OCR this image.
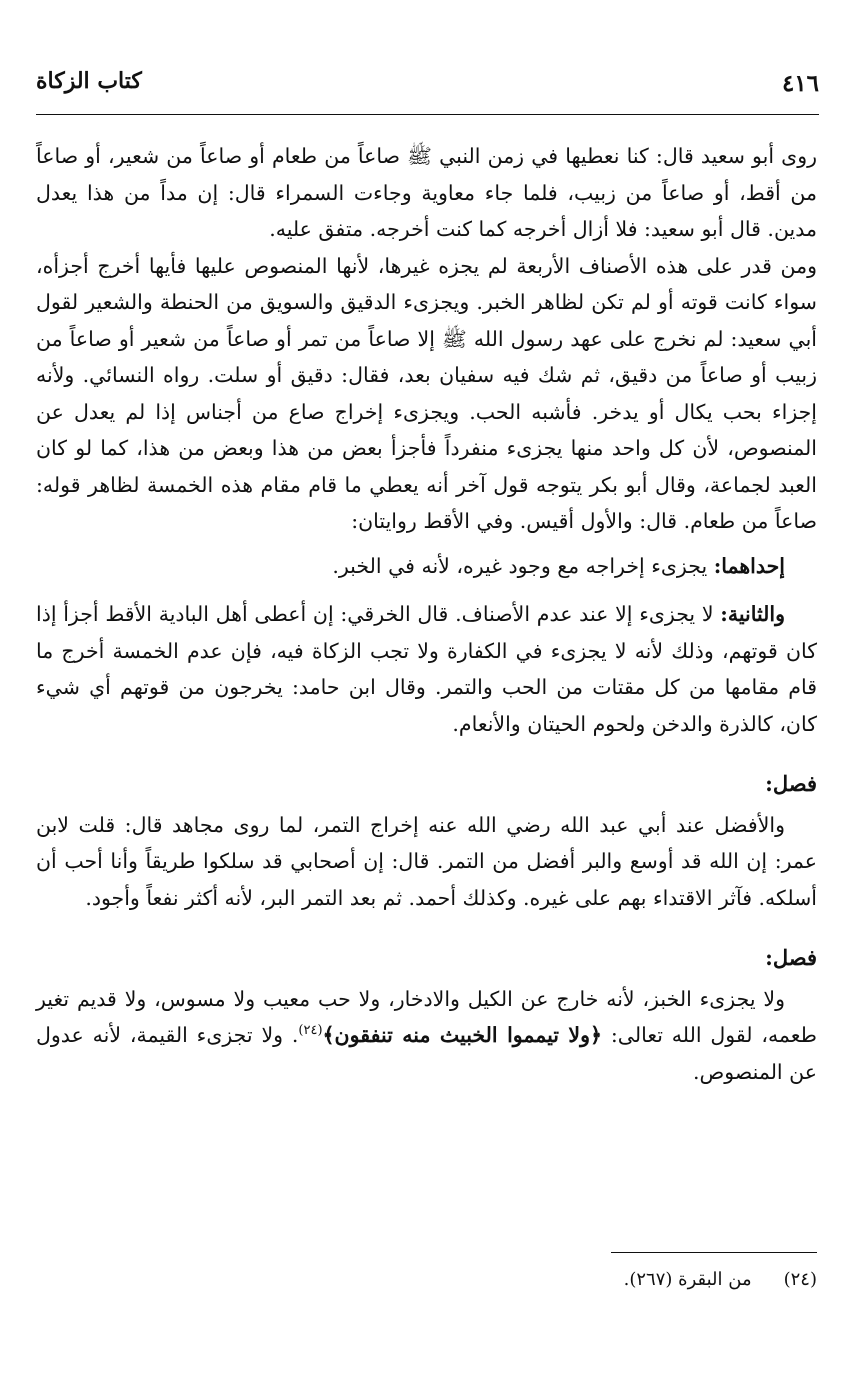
٤١٦
كتاب الزكاة

روى أبو سعيد قال: كنا نعطيها في زمن النبي ﷺ صاعاً من طعام أو صاعاً من شعير، أو صاعاً من أقط، أو صاعاً من زبيب، فلما جاء معاوية وجاءت السمراء قال: إن مداً من هذا يعدل مدين. قال أبو سعيد: فلا أزال أخرجه كما كنت أخرجه. متفق عليه.

ومن قدر على هذه الأصناف الأربعة لم يجزه غيرها، لأنها المنصوص عليها فأيها أخرج أجزأه، سواء كانت قوته أو لم تكن لظاهر الخبر. ويجزىء الدقيق والسويق من الحنطة والشعير لقول أبي سعيد: لم نخرج على عهد رسول الله ﷺ إلا صاعاً من تمر أو صاعاً من شعير أو صاعاً من زبيب أو صاعاً من دقيق، ثم شك فيه سفيان بعد، فقال: دقيق أو سلت. رواه النسائي. ولأنه إجزاء بحب يكال أو يدخر. فأشبه الحب. ويجزىء إخراج صاع من أجناس إذا لم يعدل عن المنصوص، لأن كل واحد منها يجزىء منفرداً فأجزأ بعض من هذا وبعض من هذا، كما لو كان العبد لجماعة، وقال أبو بكر يتوجه قول آخر أنه يعطي ما قام مقام هذه الخمسة لظاهر قوله: صاعاً من طعام. قال: والأول أقيس. وفي الأقط روايتان:

إحداهما: يجزىء إخراجه مع وجود غيره، لأنه في الخبر.

والثانية: لا يجزىء إلا عند عدم الأصناف. قال الخرقي: إن أعطى أهل البادية الأقط أجزأ إذا كان قوتهم، وذلك لأنه لا يجزىء في الكفارة ولا تجب الزكاة فيه، فإن عدم الخمسة أخرج ما قام مقامها من كل مقتات من الحب والتمر. وقال ابن حامد: يخرجون من قوتهم أي شيء كان، كالذرة والدخن ولحوم الحيتان والأنعام.

فصل:

والأفضل عند أبي عبد الله رضي الله عنه إخراج التمر، لما روى مجاهد قال: قلت لابن عمر: إن الله قد أوسع والبر أفضل من التمر. قال: إن أصحابي قد سلكوا طريقاً وأنا أحب أن أسلكه. فآثر الاقتداء بهم على غيره. وكذلك أحمد. ثم بعد التمر البر، لأنه أكثر نفعاً وأجود.

فصل:

ولا يجزىء الخبز، لأنه خارج عن الكيل والادخار، ولا حب معيب ولا مسوس، ولا قديم تغير طعمه، لقول الله تعالى: ﴿ولا تيمموا الخبيث منه تنفقون﴾$^{(٢٤)}$. ولا تجزىء القيمة، لأنه عدول عن المنصوص.

(٢٤)من البقرة (٢٦٧).
